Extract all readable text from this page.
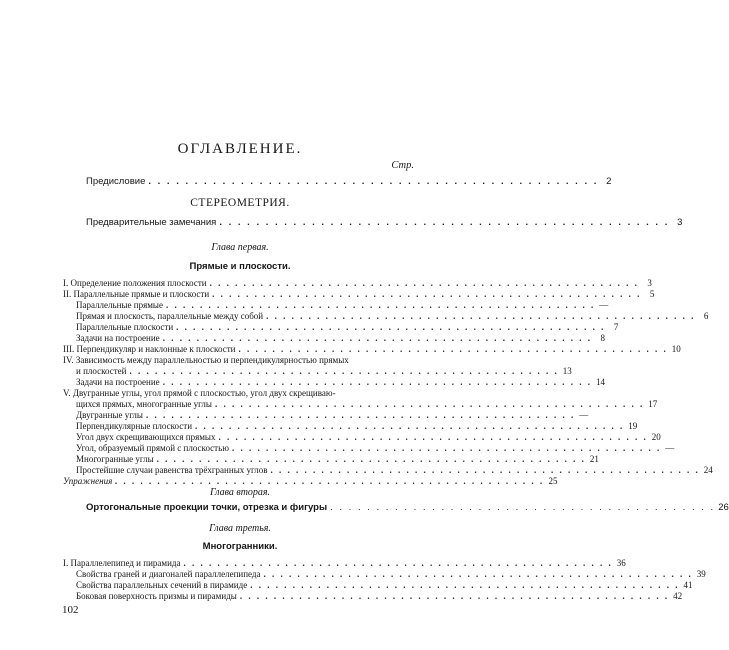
ОГЛАВЛЕНИЕ.
Стр.
Предисловие . . . . . . . . . . . . . . . . . . . . . . . . . . . . . . . . . . . . . . . . . . . . . . . . . 2
СТЕРЕОМЕТРИЯ.
Предварительные замечания . . . . . . . . . . . . . . . . . . . . . . . . . . . . . . . . . . . . . . . . . . . . . . . . . 3
Глава первая.
Прямые и плоскости.
I. Определение положения плоскости . . . . . . . . . . . . . . . . . . . . . . . . . . . . . . . . . . . . . . . . . . . . . . . . . . . 3
II. Параллельные прямые и плоскости . . . . . . . . . . . . . . . . . . . . . . . . . . . . . . . . . . . . . . . . . . . . . . . . . . . 5
Параллельные прямые . . . . . . . . . . . . . . . . . . . . . . . . . . . . . . . . . . . . . . . . . . . . . . . . . . . —
Прямая и плоскость, параллельные между собой . . . . . . . . . . . . . . . . . . . . . . . . . . . . . . . . . . . . . . . . . . . . . . . . . . . 6
Параллельные плоскости . . . . . . . . . . . . . . . . . . . . . . . . . . . . . . . . . . . . . . . . . . . . . . . . . . . 7
Задачи на построение . . . . . . . . . . . . . . . . . . . . . . . . . . . . . . . . . . . . . . . . . . . . . . . . . . . 8
III. Перпендикуляр и наклонные к плоскости . . . . . . . . . . . . . . . . . . . . . . . . . . . . . . . . . . . . . . . . . . . . . . . . . . . 10
IV. Зависимость между параллельностью и перпендикулярностью прямых
и плоскостей . . . . . . . . . . . . . . . . . . . . . . . . . . . . . . . . . . . . . . . . . . . . . . . . . . . 13
Задачи на построение . . . . . . . . . . . . . . . . . . . . . . . . . . . . . . . . . . . . . . . . . . . . . . . . . . . 14
V. Двугранные углы, угол прямой с плоскостью, угол двух скрещиваю-
щихся прямых, многогранные углы . . . . . . . . . . . . . . . . . . . . . . . . . . . . . . . . . . . . . . . . . . . . . . . . . . . 17
Двугранные углы . . . . . . . . . . . . . . . . . . . . . . . . . . . . . . . . . . . . . . . . . . . . . . . . . . . —
Перпендикулярные плоскости . . . . . . . . . . . . . . . . . . . . . . . . . . . . . . . . . . . . . . . . . . . . . . . . . . . 19
Угол двух скрещивающихся прямых . . . . . . . . . . . . . . . . . . . . . . . . . . . . . . . . . . . . . . . . . . . . . . . . . . . 20
Угол, образуемый прямой с плоскостью . . . . . . . . . . . . . . . . . . . . . . . . . . . . . . . . . . . . . . . . . . . . . . . . . . . —
Многогранные углы . . . . . . . . . . . . . . . . . . . . . . . . . . . . . . . . . . . . . . . . . . . . . . . . . . . 21
Простейшие случаи равенства трёхгранных углов . . . . . . . . . . . . . . . . . . . . . . . . . . . . . . . . . . . . . . . . . . . . . . . . . . . 24
Упражнения . . . . . . . . . . . . . . . . . . . . . . . . . . . . . . . . . . . . . . . . . . . . . . . . . . . 25
Глава вторая.
Ортогональные проекции точки, отрезка и фигуры . . . . . . . . . . . . . . . . . . . . . . . . . . . . . . . . . . . . . . . . . . 26
Глава третья.
Многогранники.
I. Параллелепипед и пирамида . . . . . . . . . . . . . . . . . . . . . . . . . . . . . . . . . . . . . . . . . . . . . . . . . . . 36
Свойства граней и диагоналей параллелепипеда . . . . . . . . . . . . . . . . . . . . . . . . . . . . . . . . . . . . . . . . . . . . . . . . . . . 39
Свойства параллельных сечений в пирамиде . . . . . . . . . . . . . . . . . . . . . . . . . . . . . . . . . . . . . . . . . . . . . . . . . . . 41
Боковая поверхность призмы и пирамиды . . . . . . . . . . . . . . . . . . . . . . . . . . . . . . . . . . . . . . . . . . . . . . . . . . . 42
102
